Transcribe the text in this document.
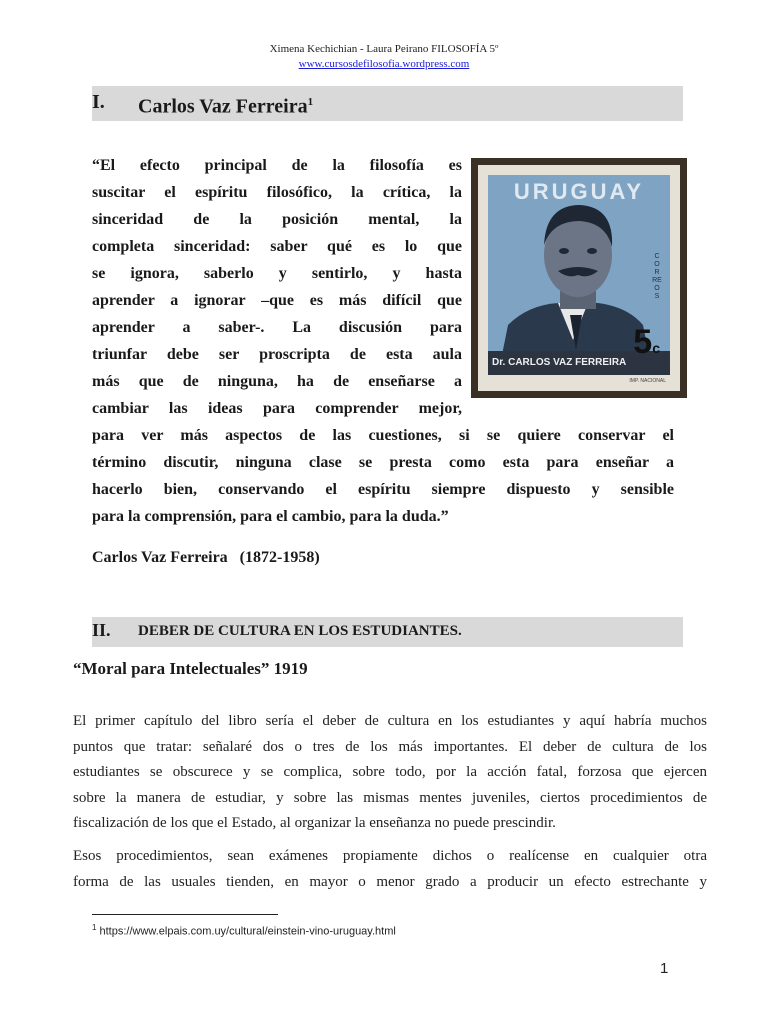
Ximena Kechichian - Laura Peirano FILOSOFÍA 5º
www.cursosdefilosofia.wordpress.com
I. Carlos Vaz Ferreira$^1$
“El efecto principal de la filosofía es
suscitar el espíritu filosófico, la crítica, la
sinceridad de la posición mental, la
completa sinceridad: saber qué es lo que
se ignora, saberlo y sentirlo, y hasta
aprender a ignorar –que es más difícil que
aprender a saber-. La discusión para
triunfar debe ser proscripta de esta aula
más que de ninguna, ha de enseñarse a
cambiar las ideas para comprender mejor,
URUGUAY
CORREOS
5c
Dr. CARLOS VAZ FERREIRA
IMP. NACIONAL
para ver más aspectos de las cuestiones, si se quiere conservar el
término discutir, ninguna clase se presta como esta para enseñar a
hacerlo bien, conservando el espíritu siempre dispuesto y sensible
para la comprensión, para el cambio, para la duda.”
Carlos Vaz Ferreira   (1872-1958)
II. DEBER DE CULTURA EN LOS ESTUDIANTES.
“Moral para Intelectuales” 1919
El primer capítulo del libro sería el deber de cultura en los estudiantes y aquí habría muchos
puntos que tratar: señalaré dos o tres de los más importantes. El deber de cultura de los
estudiantes se obscurece y se complica, sobre todo, por la acción fatal, forzosa que ejercen
sobre la manera de estudiar, y sobre las mismas mentes juveniles, ciertos procedimientos de
fiscalización de los que el Estado, al organizar la enseñanza no puede prescindir.
Esos procedimientos, sean exámenes propiamente dichos o realícense en cualquier otra
forma de las usuales tienden, en mayor o menor grado a producir un efecto estrechante y
$^1$ https://www.elpais.com.uy/cultural/einstein-vino-uruguay.html
1
